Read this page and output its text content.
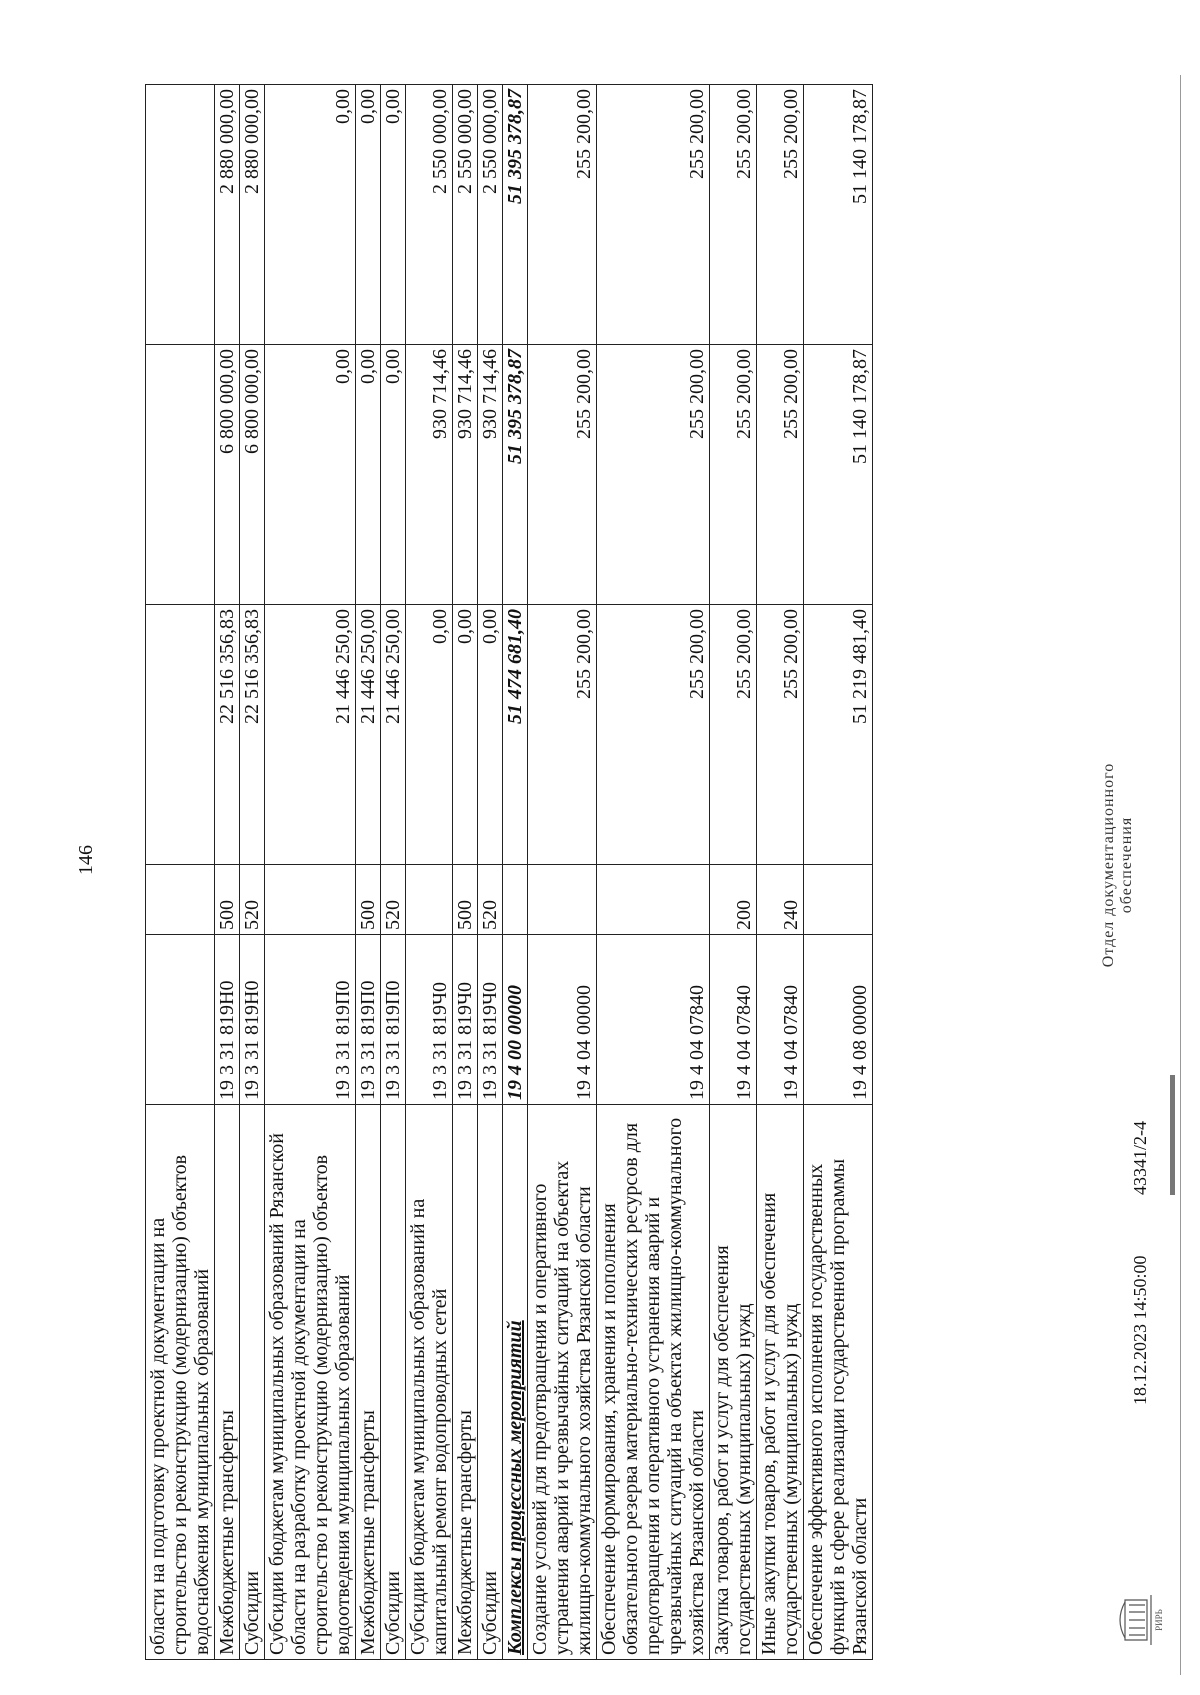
146
области на подготовку проектной документации на строительство и реконструкцию (модернизацию) объектов водоснабжения муниципальных образований					
Межбюджетные трансферты	19 3 31 819Н0	500	22 516 356,83	6 800 000,00	2 880 000,00
Субсидии	19 3 31 819Н0	520	22 516 356,83	6 800 000,00	2 880 000,00
Субсидии бюджетам муниципальных образований Рязанской области на разработку проектной документации на строительство и реконструкцию (модернизацию) объектов водоотведения муниципальных образований	19 3 31 819П0		21 446 250,00	0,00	0,00
Межбюджетные трансферты	19 3 31 819П0	500	21 446 250,00	0,00	0,00
Субсидии	19 3 31 819П0	520	21 446 250,00	0,00	0,00
Субсидии бюджетам муниципальных образований на капитальный ремонт водопроводных сетей	19 3 31 819Ч0		0,00	930 714,46	2 550 000,00
Межбюджетные трансферты	19 3 31 819Ч0	500	0,00	930 714,46	2 550 000,00
Субсидии	19 3 31 819Ч0	520	0,00	930 714,46	2 550 000,00
Комплексы процессных мероприятий	19 4 00 00000		51 474 681,40	51 395 378,87	51 395 378,87
Создание условий для предотвращения и оперативного устранения аварий и чрезвычайных ситуаций на объектах жилищно-коммунального хозяйства Рязанской области	19 4 04 00000		255 200,00	255 200,00	255 200,00
Обеспечение формирования, хранения и пополнения обязательного резерва материально-технических ресурсов для предотвращения и оперативного устранения аварий и чрезвычайных ситуаций на объектах жилищно-коммунального хозяйства Рязанской области	19 4 04 07840		255 200,00	255 200,00	255 200,00
Закупка товаров, работ и услуг для обеспечения государственных (муниципальных) нужд	19 4 04 07840	200	255 200,00	255 200,00	255 200,00
Иные закупки товаров, работ и услуг для обеспечения государственных (муниципальных) нужд	19 4 04 07840	240	255 200,00	255 200,00	255 200,00
Обеспечение эффективного исполнения государственных функций в сфере реализации государственной программы Рязанской области	19 4 08 00000		51 219 481,40	51 140 178,87	51 140 178,87
РИРЬ
18.12.2023 14:50:00
43341/2-4
Отдел документационного обеспечения
